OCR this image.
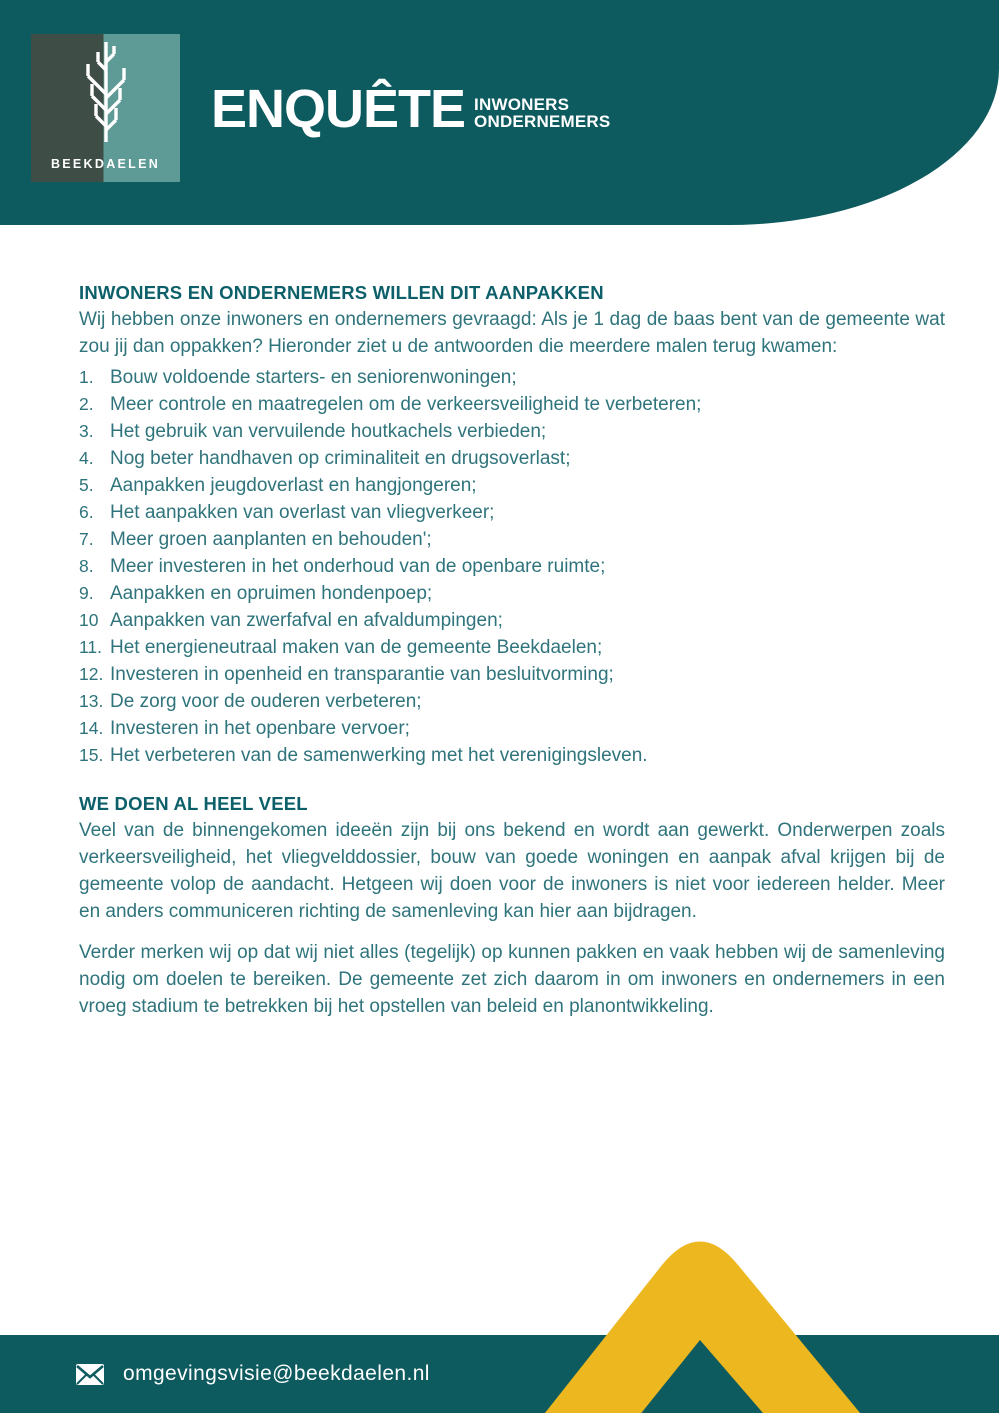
BEEKDAELEN
ENQUÊTE INWONERS
ONDERNEMERS
INWONERS EN ONDERNEMERS WILLEN DIT AANPAKKEN

Wij hebben onze inwoners en ondernemers gevraagd: Als je 1 dag de baas bent van de gemeente wat zou jij dan oppakken? Hieronder ziet u de antwoorden die meerdere malen terug kwamen:

1. Bouw voldoende starters- en seniorenwoningen;
2. Meer controle en maatregelen om de verkeersveiligheid te verbeteren;
3. Het gebruik van vervuilende houtkachels verbieden;
4. Nog beter handhaven op criminaliteit en drugsoverlast;
5. Aanpakken jeugdoverlast en hangjongeren;
6. Het aanpakken van overlast van vliegverkeer;
7. Meer groen aanplanten en behouden';
8. Meer investeren in het onderhoud van de openbare ruimte;
9. Aanpakken en opruimen hondenpoep;
10 Aanpakken van zwerfafval en afvaldumpingen;
11. Het energieneutraal maken van de gemeente Beekdaelen;
12. Investeren in openheid en transparantie van besluitvorming;
13. De zorg voor de ouderen verbeteren;
14. Investeren in het openbare vervoer;
15. Het verbeteren van de samenwerking met het verenigingsleven.
WE DOEN AL HEEL VEEL

Veel van de binnengekomen ideeën zijn bij ons bekend en wordt aan gewerkt. Onderwerpen zoals verkeersveiligheid, het vliegvelddossier, bouw van goede woningen en aanpak afval krijgen bij de gemeente volop de aandacht. Hetgeen wij doen voor de inwoners is niet voor iedereen helder. Meer en anders communiceren richting de samenleving kan hier aan bijdragen.

Verder merken wij op dat wij niet alles (tegelijk) op kunnen pakken en vaak hebben wij de samenleving nodig om doelen te bereiken. De gemeente zet zich daarom in om inwoners en ondernemers in een vroeg stadium te betrekken bij het opstellen van beleid en planontwikkeling.

omgevingsvisie@beekdaelen.nl
